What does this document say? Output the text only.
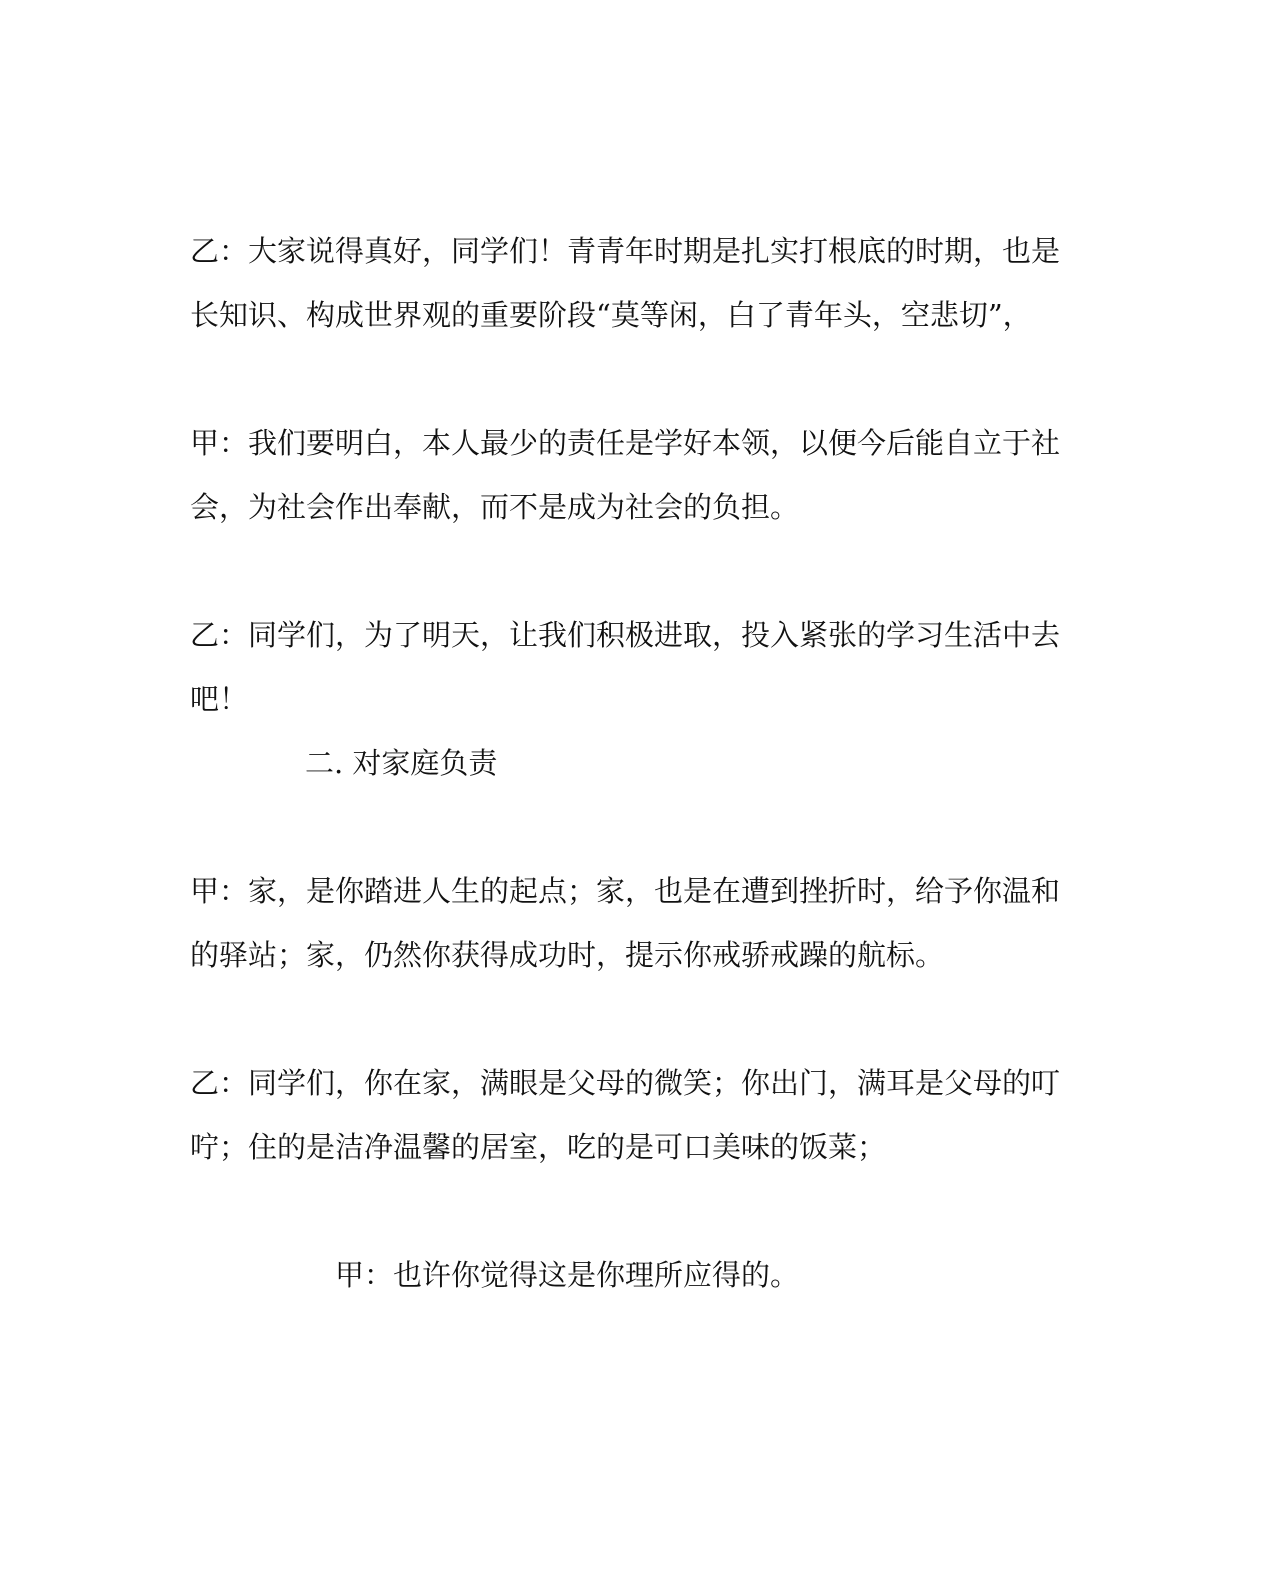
乙：大家说得真好，同学们！青青年时期是扎实打根底的时期，也是
长知识、构成世界观的重要阶段“莫等闲，白了青年头，空悲切”，
甲：我们要明白，本人最少的责任是学好本领，以便今后能自立于社
会，为社会作出奉献，而不是成为社会的负担。
乙：同学们，为了明天，让我们积极进取，投入紧张的学习生活中去
吧！
二. 对家庭负责
甲：家，是你踏进人生的起点；家，也是在遭到挫折时，给予你温和
的驿站；家，仍然你获得成功时，提示你戒骄戒躁的航标。
乙：同学们，你在家，满眼是父母的微笑；你出门，满耳是父母的叮
咛；住的是洁净温馨的居室，吃的是可口美味的饭菜；
甲：也许你觉得这是你理所应得的。
